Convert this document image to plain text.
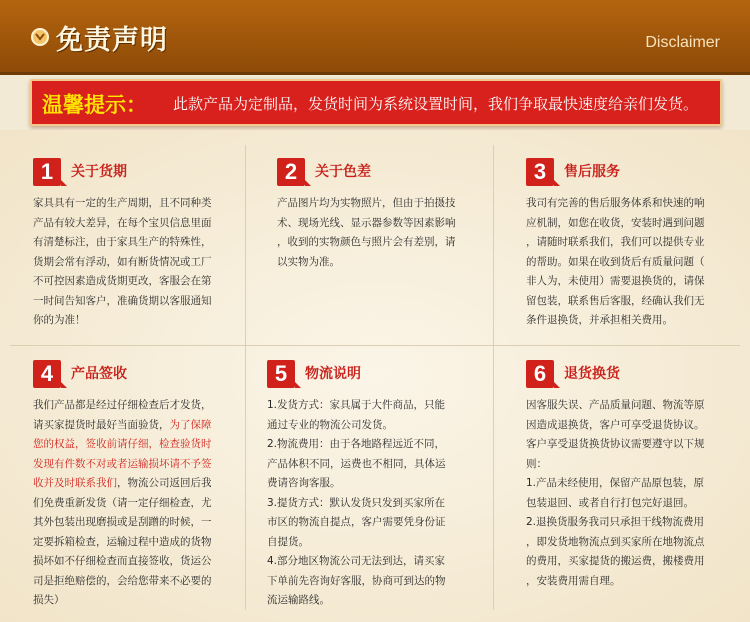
免责声明	Disclaimer
温馨提示： 此款产品为定制品，发货时间为系统设置时间，我们争取最快速度给亲们发货。
1	关于货期

家具具有一定的生产周期，且不同种类

产品有较大差异，在每个宝贝信息里面

有清楚标注，由于家具生产的特殊性，

货期会常有浮动，如有断货情况或工厂

不可控因素造成货期更改，客服会在第

一时间告知客户，准确货期以客服通知

你的为准！

2	关于色差

产品图片均为实物照片，但由于拍摄技

术、现场光线、显示器参数等因素影响

，收到的实物颜色与照片会有差别，请

以实物为准。

3	售后服务

我司有完善的售后服务体系和快速的响

应机制，如您在收货，安装时遇到问题

，请随时联系我们，我们可以提供专业

的帮助。如果在收到货后有质量问题（

非人为，未使用）需要退换货的，请保

留包装，联系售后客服，经确认我们无

条件退换货，并承担相关费用。

4	产品签收

我们产品都是经过仔细检查后才发货，

请买家提货时最好当面验货，为了保障

您的权益，签收前请仔细，检查验货时

发现有件数不对或者运输损坏请不予签

收并及时联系我们，物流公司返回后我

们免费重新发货（请一定仔细检查，尤

其外包装出现磨损或是刮蹭的时候，一

定要拆箱检查，运输过程中造成的货物

损坏如不仔细检查而直接签收，货运公

司是拒绝赔偿的，会给您带来不必要的

损失）

5	物流说明

1.发货方式：家具属于大件商品，只能

通过专业的物流公司发货。

2.物流费用：由于各地路程远近不同，

产品体积不同，运费也不相同，具体运

费请咨询客服。

3.提货方式：默认发货只发到买家所在

市区的物流自提点，客户需要凭身份证

自提货。

4.部分地区物流公司无法到达，请买家

下单前先咨询好客服，协商可到达的物

流运输路线。

6	退货换货

因客服失误、产品质量问题、物流等原

因造成退换货，客户可享受退货协议。

客户享受退货换货协议需要遵守以下规

则：

1.产品未经使用，保留产品原包装，原

包装退回、或者自行打包完好退回。

2.退换货服务我司只承担干线物流费用

，即发货地物流点到买家所在地物流点

的费用，买家提货的搬运费，搬楼费用

，安装费用需自理。
